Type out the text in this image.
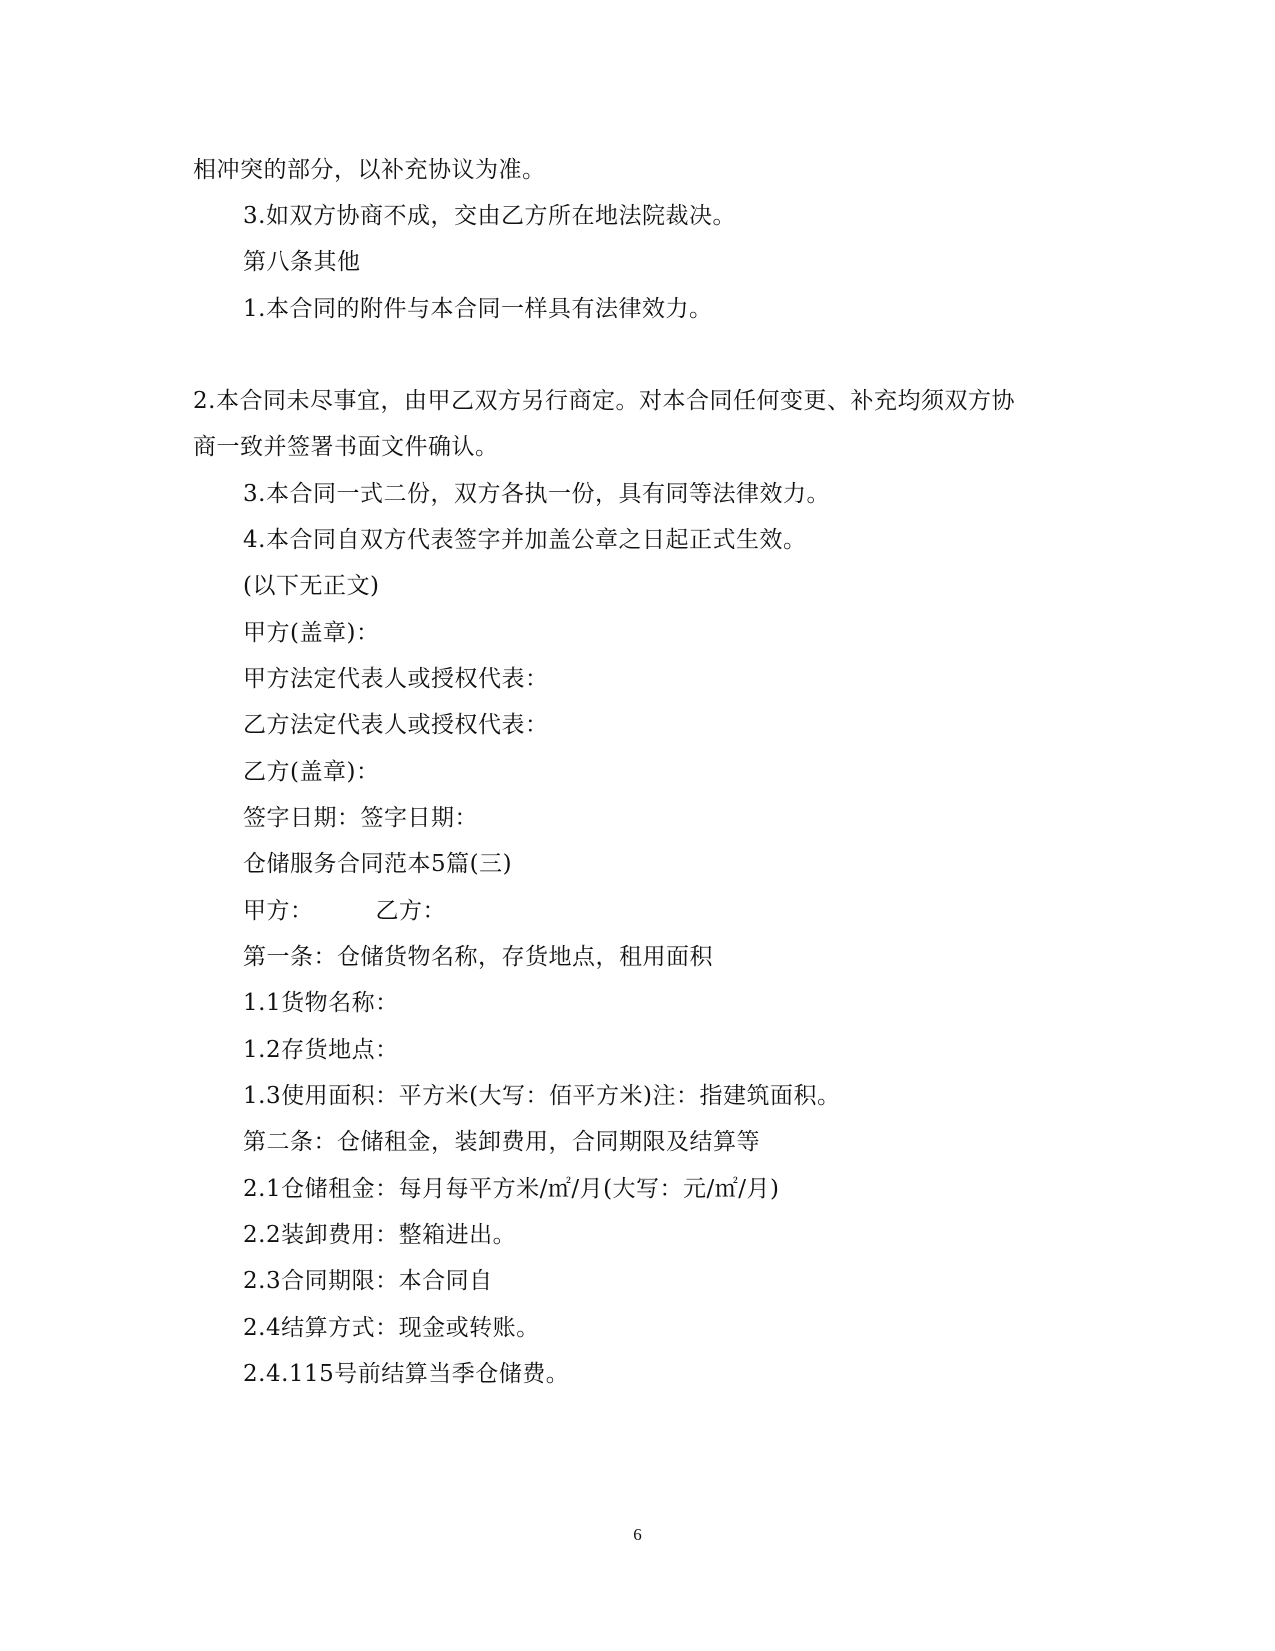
相冲突的部分，以补充协议为准。
3.如双方协商不成，交由乙方所在地法院裁决。
第八条其他
1.本合同的附件与本合同一样具有法律效力。
2.本合同未尽事宜，由甲乙双方另行商定。对本合同任何变更、补充均须双方协
商一致并签署书面文件确认。
3.本合同一式二份，双方各执一份，具有同等法律效力。
4.本合同自双方代表签字并加盖公章之日起正式生效。
(以下无正文)
甲方(盖章)：
甲方法定代表人或授权代表：
乙方法定代表人或授权代表：
乙方(盖章)：
签字日期：签字日期：
仓储服务合同范本5篇(三)
甲方：	乙方：
第一条：仓储货物名称，存货地点，租用面积
1.1货物名称：
1.2存货地点：
1.3使用面积：平方米(大写：佰平方米)注：指建筑面积。
第二条：仓储租金，装卸费用，合同期限及结算等
2.1仓储租金：每月每平方米/㎡/月(大写：元/㎡/月)
2.2装卸费用：整箱进出。
2.3合同期限：本合同自
2.4结算方式：现金或转账。
2.4.115号前结算当季仓储费。
6
